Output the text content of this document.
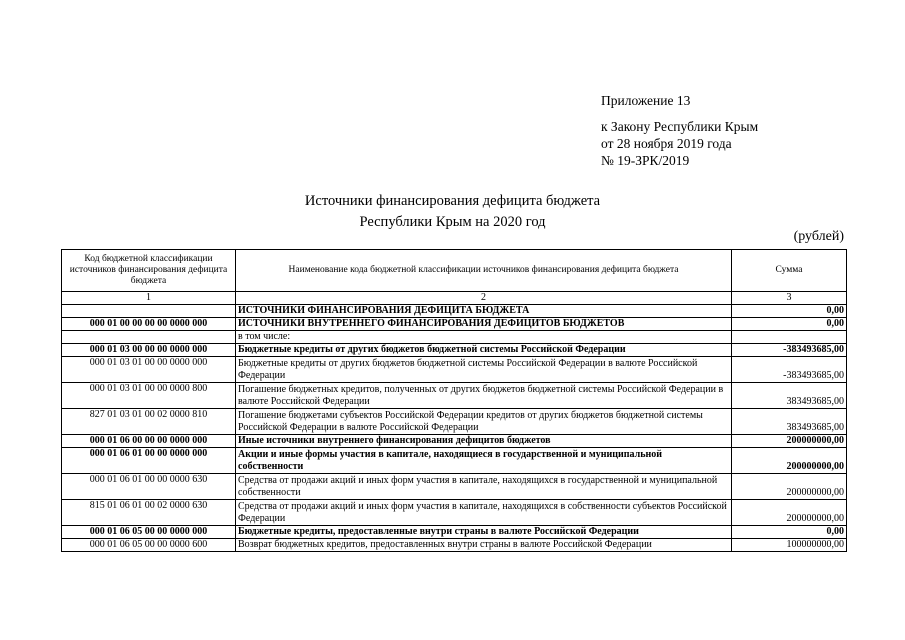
Приложение 13
к Закону Республики Крым
от 28 ноября 2019 года
№ 19-ЗРК/2019
Источники финансирования дефицита бюджета
Республики Крым на 2020 год
(рублей)
Код бюджетной классификации источников финансирования дефицита бюджета	Наименование кода бюджетной классификации источников финансирования дефицита бюджета	Сумма
1	2	3
	ИСТОЧНИКИ ФИНАНСИРОВАНИЯ ДЕФИЦИТА БЮДЖЕТА	0,00
000 01 00 00 00 00 0000 000	ИСТОЧНИКИ ВНУТРЕННЕГО ФИНАНСИРОВАНИЯ ДЕФИЦИТОВ БЮДЖЕТОВ	0,00
	в том числе:	
000 01 03 00 00 00 0000 000	Бюджетные кредиты от других бюджетов бюджетной системы Российской Федерации	-383493685,00
000 01 03 01 00 00 0000 000	Бюджетные кредиты от других бюджетов бюджетной системы Российской Федерации в валюте Российской Федерации	-383493685,00
000 01 03 01 00 00 0000 800	Погашение бюджетных кредитов, полученных от других бюджетов бюджетной системы Российской Федерации в валюте Российской Федерации	383493685,00
827 01 03 01 00 02 0000 810	Погашение бюджетами субъектов Российской Федерации кредитов от других бюджетов бюджетной системы Российской Федерации в валюте Российской Федерации	383493685,00
000 01 06 00 00 00 0000 000	Иные источники внутреннего финансирования дефицитов бюджетов	200000000,00
000 01 06 01 00 00 0000 000	Акции и иные формы участия в капитале, находящиеся в государственной и муниципальной собственности	200000000,00
000 01 06 01 00 00 0000 630	Средства от продажи акций и иных форм участия в капитале, находящихся в государственной и муниципальной собственности	200000000,00
815 01 06 01 00 02 0000 630	Средства от продажи акций и иных форм участия в капитале, находящихся в собственности субъектов Российской Федерации	200000000,00
000 01 06 05 00 00 0000 000	Бюджетные кредиты, предоставленные внутри страны в валюте Российской Федерации	0,00
000 01 06 05 00 00 0000 600	Возврат бюджетных кредитов, предоставленных внутри страны в валюте Российской Федерации	100000000,00
